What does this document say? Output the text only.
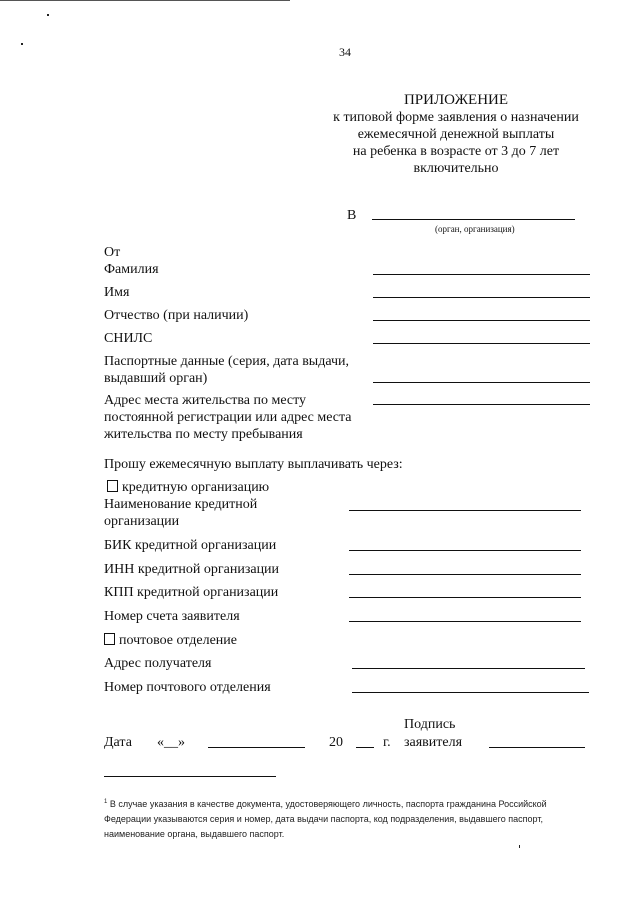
34
ПРИЛОЖЕНИЕ
к типовой форме заявления о назначении
ежемесячной денежной выплаты
на ребенка в возрасте от 3 до 7 лет
включительно
В
(орган, организация)
От
Фамилия
Имя
Отчество (при наличии)
СНИЛС
Паспортные данные (серия, дата выдачи,
выдавший орган)
Адрес места жительства по месту
постоянной регистрации или адрес места
жительства по месту пребывания
Прошу ежемесячную выплату выплачивать через:
кредитную организацию
Наименование кредитной
организации
БИК кредитной организации
ИНН кредитной организации
КПП кредитной организации
Номер счета заявителя
почтовое отделение
Адрес получателя
Номер почтового отделения
Подпись
Дата «__»	20	г. заявителя
$^1$ В случае указания в качестве документа, удостоверяющего личность, паспорта гражданина Российской
Федерации указываются серия и номер, дата выдачи паспорта, код подразделения, выдавшего паспорт,
наименование органа, выдавшего паспорт.
